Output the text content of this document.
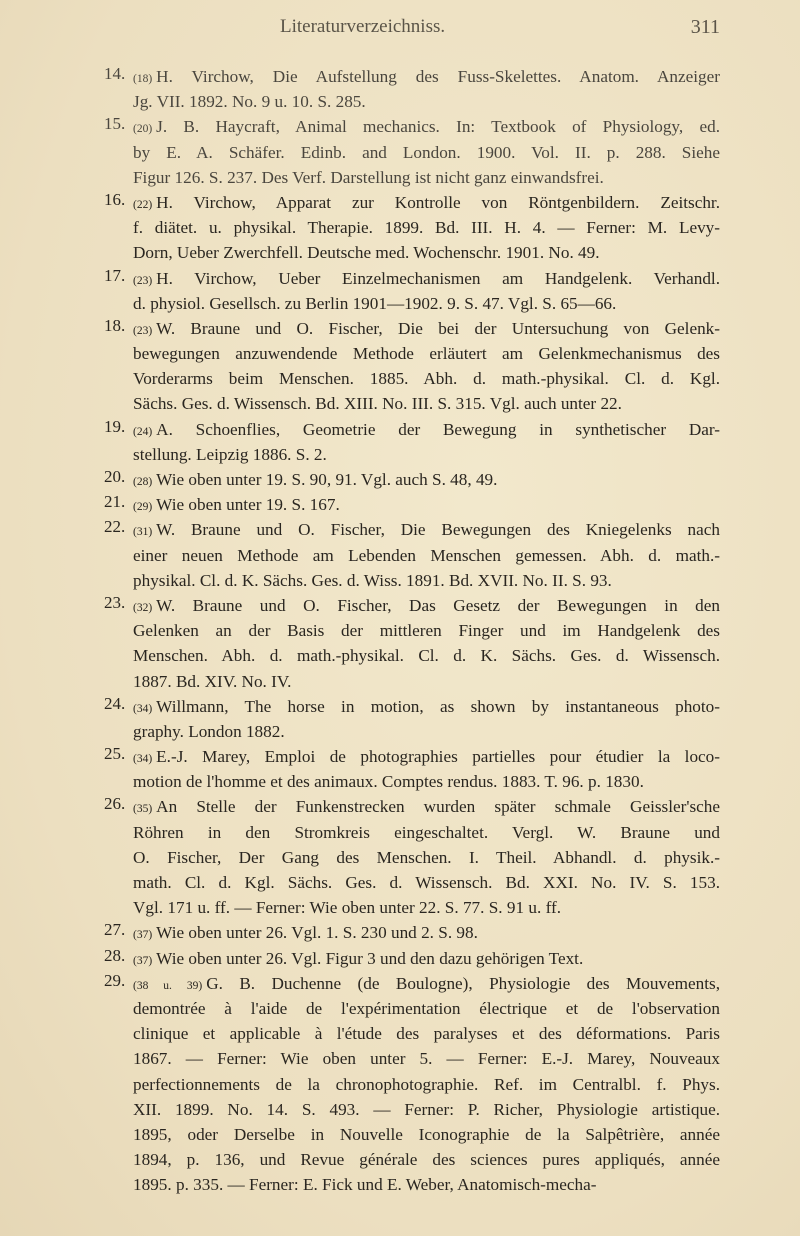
Literaturverzeichniss.	311
14. (18) H. Virchow, Die Aufstellung des Fuss-Skelettes. Anatom. Anzeiger
Jg. VII. 1892. No. 9 u. 10. S. 285.
15. (20) J. B. Haycraft, Animal mechanics. In: Textbook of Physiology, ed.
by E. A. Schäfer. Edinb. and London. 1900. Vol. II. p. 288. Siehe
Figur 126. S. 237. Des Verf. Darstellung ist nicht ganz einwandsfrei.
16. (22) H. Virchow, Apparat zur Kontrolle von Röntgenbildern. Zeitschr.
f. diätet. u. physikal. Therapie. 1899. Bd. III. H. 4. — Ferner: M. Levy-
Dorn, Ueber Zwerchfell. Deutsche med. Wochenschr. 1901. No. 49.
17. (23) H. Virchow, Ueber Einzelmechanismen am Handgelenk. Verhandl.
d. physiol. Gesellsch. zu Berlin 1901—1902. 9. S. 47. Vgl. S. 65—66.
18. (23) W. Braune und O. Fischer, Die bei der Untersuchung von Gelenk-
bewegungen anzuwendende Methode erläutert am Gelenkmechanismus des
Vorderarms beim Menschen. 1885. Abh. d. math.-physikal. Cl. d. Kgl.
Sächs. Ges. d. Wissensch. Bd. XIII. No. III. S. 315. Vgl. auch unter 22.
19. (24) A. Schoenflies, Geometrie der Bewegung in synthetischer Dar-
stellung. Leipzig 1886. S. 2.
20. (28) Wie oben unter 19. S. 90, 91. Vgl. auch S. 48, 49.
21. (29) Wie oben unter 19. S. 167.
22. (31) W. Braune und O. Fischer, Die Bewegungen des Kniegelenks nach
einer neuen Methode am Lebenden Menschen gemessen. Abh. d. math.-
physikal. Cl. d. K. Sächs. Ges. d. Wiss. 1891. Bd. XVII. No. II. S. 93.
23. (32) W. Braune und O. Fischer, Das Gesetz der Bewegungen in den
Gelenken an der Basis der mittleren Finger und im Handgelenk des
Menschen. Abh. d. math.-physikal. Cl. d. K. Sächs. Ges. d. Wissensch.
1887. Bd. XIV. No. IV.
24. (34) Willmann, The horse in motion, as shown by instantaneous photo-
graphy. London 1882.
25. (34) E.-J. Marey, Emploi de photographies partielles pour étudier la loco-
motion de l'homme et des animaux. Comptes rendus. 1883. T. 96. p. 1830.
26. (35) An Stelle der Funkenstrecken wurden später schmale Geissler'sche
Röhren in den Stromkreis eingeschaltet. Vergl. W. Braune und
O. Fischer, Der Gang des Menschen. I. Theil. Abhandl. d. physik.-
math. Cl. d. Kgl. Sächs. Ges. d. Wissensch. Bd. XXI. No. IV. S. 153.
Vgl. 171 u. ff. — Ferner: Wie oben unter 22. S. 77. S. 91 u. ff.
27. (37) Wie oben unter 26. Vgl. 1. S. 230 und 2. S. 98.
28. (37) Wie oben unter 26. Vgl. Figur 3 und den dazu gehörigen Text.
29. (38 u. 39) G. B. Duchenne (de Boulogne), Physiologie des Mouvements,
demontrée à l'aide de l'expérimentation électrique et de l'observation
clinique et applicable à l'étude des paralyses et des déformations. Paris
1867. — Ferner: Wie oben unter 5. — Ferner: E.-J. Marey, Nouveaux
perfectionnements de la chronophotographie. Ref. im Centralbl. f. Phys.
XII. 1899. No. 14. S. 493. — Ferner: P. Richer, Physiologie artistique.
1895, oder Derselbe in Nouvelle Iconographie de la Salpêtrière, année
1894, p. 136, und Revue générale des sciences pures appliqués, année
1895. p. 335. — Ferner: E. Fick und E. Weber, Anatomisch-mecha-
